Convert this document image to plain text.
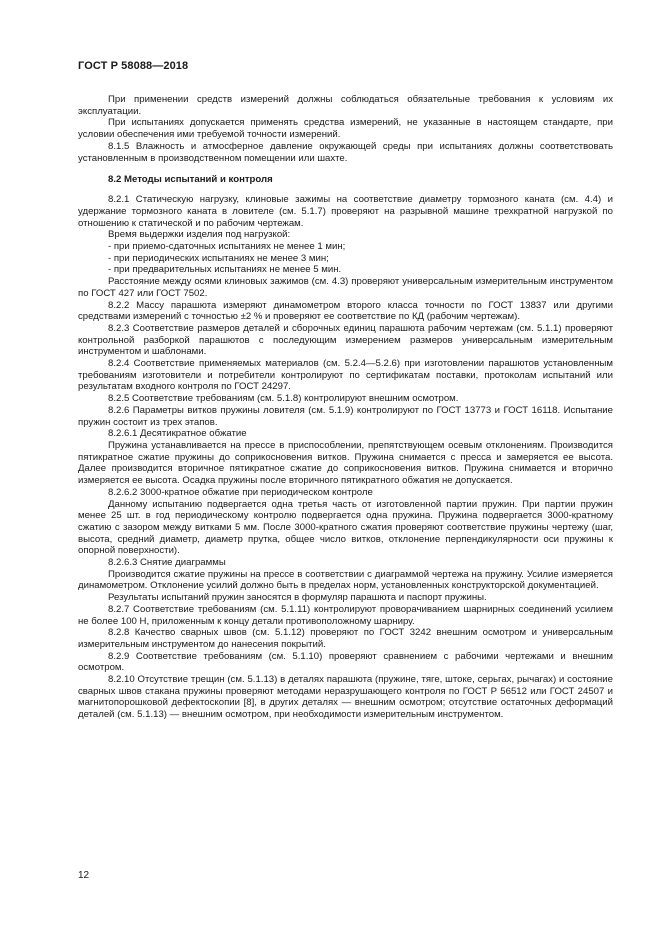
ГОСТ Р 58088—2018

При применении средств измерений должны соблюдаться обязательные требования к условиям их эксплуатации.

При испытаниях допускается применять средства измерений, не указанные в настоящем стандарте, при условии обеспечения ими требуемой точности измерений.

8.1.5 Влажность и атмосферное давление окружающей среды при испытаниях должны соответствовать установленным в производственном помещении или шахте.

8.2 Методы испытаний и контроля

8.2.1 Статическую нагрузку, клиновые зажимы на соответствие диаметру тормозного каната (см. 4.4) и удержание тормозного каната в ловителе (см. 5.1.7) проверяют на разрывной машине трехкратной нагрузкой по отношению к статической и по рабочим чертежам.

Время выдержки изделия под нагрузкой:

- при приемо-сдаточных испытаниях не менее 1 мин;

- при периодических испытаниях не менее 3 мин;

- при предварительных испытаниях не менее 5 мин.

Расстояние между осями клиновых зажимов (см. 4.3) проверяют универсальным измерительным инструментом по ГОСТ 427 или ГОСТ 7502.

8.2.2 Массу парашюта измеряют динамометром второго класса точности по ГОСТ 13837 или другими средствами измерений с точностью ±2 % и проверяют ее соответствие по КД (рабочим чертежам).

8.2.3 Соответствие размеров деталей и сборочных единиц парашюта рабочим чертежам (см. 5.1.1) проверяют контрольной разборкой парашютов с последующим измерением размеров универсальным измерительным инструментом и шаблонами.

8.2.4 Соответствие применяемых материалов (см. 5.2.4—5.2.6) при изготовлении парашютов установленным требованиям изготовители и потребители контролируют по сертификатам поставки, протоколам испытаний или результатам входного контроля по ГОСТ 24297.

8.2.5 Соответствие требованиям (см. 5.1.8) контролируют внешним осмотром.

8.2.6 Параметры витков пружины ловителя (см. 5.1.9) контролируют по ГОСТ 13773 и ГОСТ 16118. Испытание пружин состоит из трех этапов.

8.2.6.1 Десятикратное обжатие

Пружина устанавливается на прессе в приспособлении, препятствующем осевым отклонениям. Производится пятикратное сжатие пружины до соприкосновения витков. Пружина снимается с пресса и замеряется ее высота. Далее производится вторичное пятикратное сжатие до соприкосновения витков. Пружина снимается и вторично измеряется ее высота. Осадка пружины после вторичного пятикратного обжатия не допускается.

8.2.6.2 3000-кратное обжатие при периодическом контроле

Данному испытанию подвергается одна третья часть от изготовленной партии пружин. При партии пружин менее 25 шт. в год периодическому контролю подвергается одна пружина. Пружина подвергается 3000-кратному сжатию с зазором между витками 5 мм. После 3000-кратного сжатия проверяют соответствие пружины чертежу (шаг, высота, средний диаметр, диаметр прутка, общее число витков, отклонение перпендикулярности оси пружины к опорной поверхности).

8.2.6.3 Снятие диаграммы

Производится сжатие пружины на прессе в соответствии с диаграммой чертежа на пружину. Усилие измеряется динамометром. Отклонение усилий должно быть в пределах норм, установленных конструкторской документацией.

Результаты испытаний пружин заносятся в формуляр парашюта и паспорт пружины.

8.2.7 Соответствие требованиям (см. 5.1.11) контролируют проворачиванием шарнирных соединений усилием не более 100 Н, приложенным к концу детали противоположному шарниру.

8.2.8 Качество сварных швов (см. 5.1.12) проверяют по ГОСТ 3242 внешним осмотром и универсальным измерительным инструментом до нанесения покрытий.

8.2.9 Соответствие требованиям (см. 5.1.10) проверяют сравнением с рабочими чертежами и внешним осмотром.

8.2.10 Отсутствие трещин (см. 5.1.13) в деталях парашюта (пружине, тяге, штоке, серьгах, рычагах) и состояние сварных швов стакана пружины проверяют методами неразрушающего контроля по ГОСТ Р 56512 или ГОСТ 24507 и магнитопорошковой дефектоскопии [8], в других деталях — внешним осмотром; отсутствие остаточных деформаций деталей (см. 5.1.13) — внешним осмотром, при необходимости измерительным инструментом.

12
